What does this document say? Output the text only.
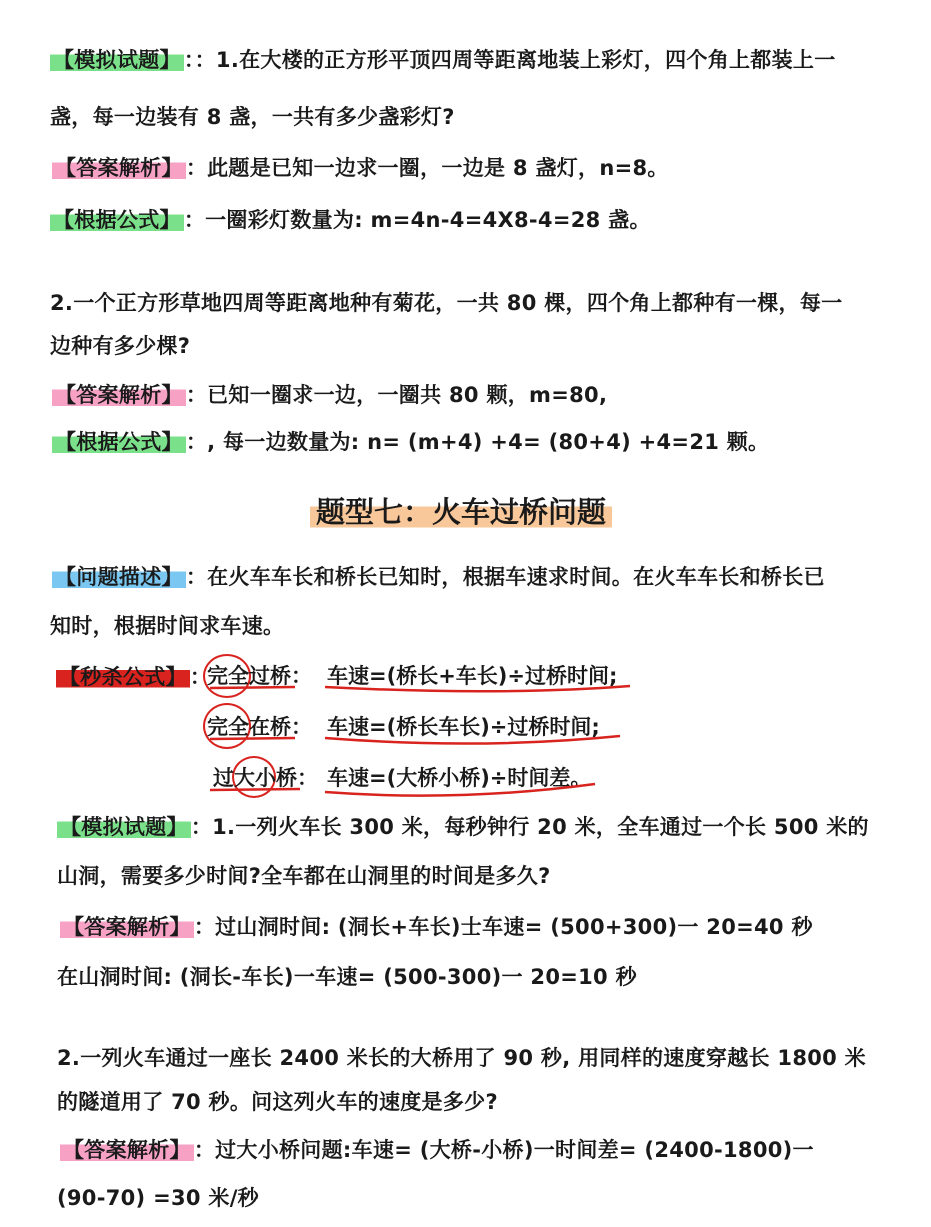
【模拟试题】 ：：1.在大楼的正方形平顶四周等距离地装上彩灯，四个角上都装上一
盏，每一边装有 8 盏，一共有多少盏彩灯?
【答案解析】 ：此题是已知一边求一圈，一边是 8 盏灯，n=8。
【根据公式】 ：一圈彩灯数量为: m=4n-4=4X8-4=28 盏。
2.一个正方形草地四周等距离地种有菊花，一共 80 棵，四个角上都种有一棵，每一
边种有多少棵?
【答案解析】 ：已知一圈求一边，一圈共 80 颗，m=80,
【根据公式】 ：, 每一边数量为: n= (m+4) +4= (80+4) +4=21 颗。
题型七：火车过桥问题
【问题描述】 ：在火车车长和桥长已知时，根据车速求时间。在火车车长和桥长已
知时，根据时间求车速。
【秒杀公式】 ：
完全过桥： 车速=(桥长+车长)÷过桥时间;
完全在桥： 车速=(桥长车长)÷过桥时间;
过大小桥： 车速=(大桥小桥)÷时间差。
【模拟试题】 ：1.一列火车长 300 米，每秒钟行 20 米，全车通过一个长 500 米的
山洞，需要多少时间?全车都在山洞里的时间是多久?
【答案解析】 ：过山洞时间: (洞长+车长)士车速= (500+300)一 20=40 秒
在山洞时间: (洞长-车长)一车速= (500-300)一 20=10 秒
2.一列火车通过一座长 2400 米长的大桥用了 90 秒, 用同样的速度穿越长 1800 米
的隧道用了 70 秒。问这列火车的速度是多少?
【答案解析】 ：过大小桥问题:车速= (大桥-小桥)一时间差= (2400-1800)一
(90-70) =30 米/秒
